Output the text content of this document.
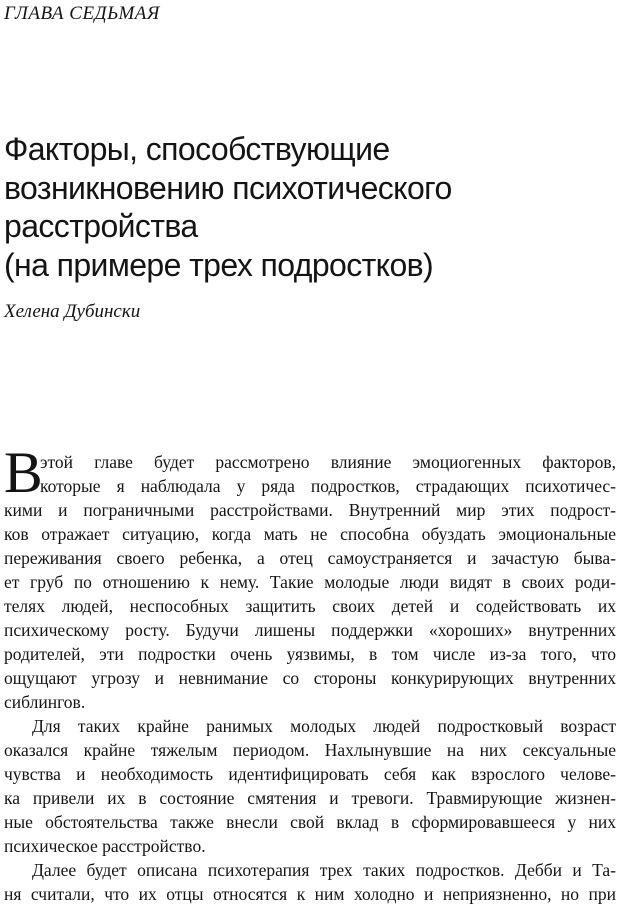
ГЛАВА СЕДЬМАЯ
Факторы, способствующие
возникновению психотического
расстройства
(на примере трех подростков)
Хелена Дубински
В
этой главе будет рассмотрено влияние эмоциогенных факторов,
которые я наблюдала у ряда подростков, страдающих психотичес-
кими и пограничными расстройствами. Внутренний мир этих подрост-
ков отражает ситуацию, когда мать не способна обуздать эмоциональные
переживания своего ребенка, а отец самоустраняется и зачастую быва-
ет груб по отношению к нему. Такие молодые люди видят в своих роди-
телях людей, неспособных защитить своих детей и содействовать их
психическому росту. Будучи лишены поддержки «хороших» внутренних
родителей, эти подростки очень уязвимы, в том числе из-за того, что
ощущают угрозу и невнимание со стороны конкурирующих внутренних
сиблингов.
Для таких крайне ранимых молодых людей подростковый возраст
оказался крайне тяжелым периодом. Нахлынувшие на них сексуальные
чувства и необходимость идентифицировать себя как взрослого челове-
ка привели их в состояние смятения и тревоги. Травмирующие жизнен-
ные обстоятельства также внесли свой вклад в сформировавшееся у них
психическое расстройство.
Далее будет описана психотерапия трех таких подростков. Дебби и Та-
ня считали, что их отцы относятся к ним холодно и неприязненно, но при
